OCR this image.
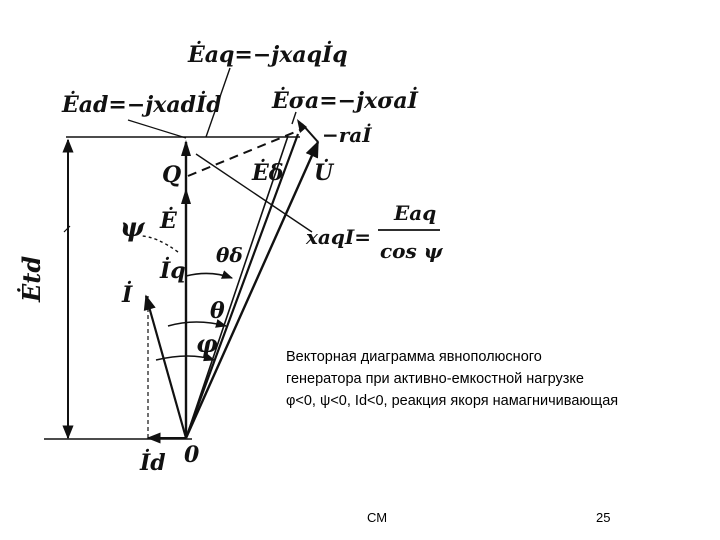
Ėaq=−jxaqİq
Ėad=−jxadİd Ėσa=−jxσaİ
−raİ
Q	Ėδ U̇
Ė
ψ
θδ
İq
İ
θ
φ
İd 0
Ėtd
xaqI=
Eaq
cos ψ
Векторная диаграмма явнополюсного
генератора при активно-емкостной нагрузке
φ<0, ψ<0, Id<0, реакция якоря намагничивающая
СМ	25
